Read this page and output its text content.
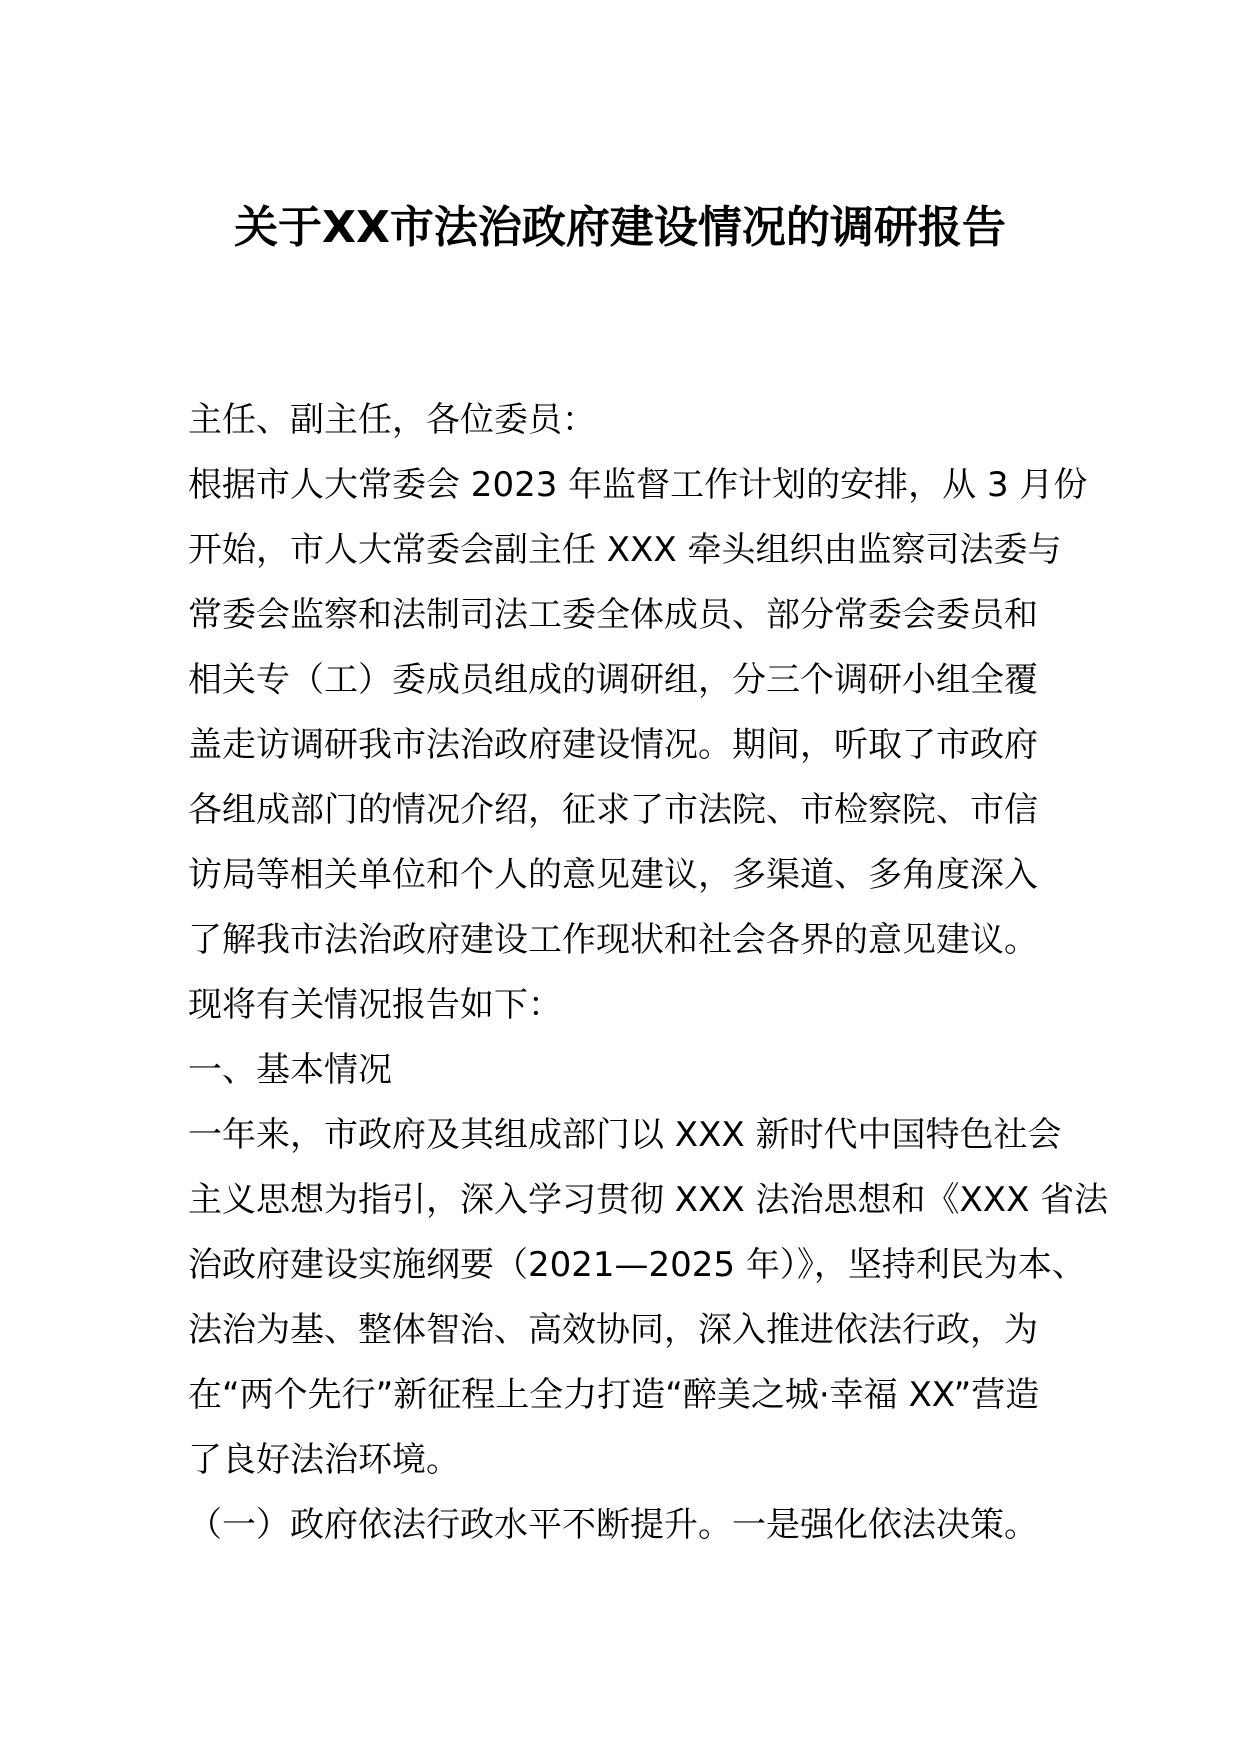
关于XX市法治政府建设情况的调研报告

主任、副主任，各位委员：

根据市人大常委会 2023 年监督工作计划的安排，从 3 月份

开始，市人大常委会副主任 XXX 牵头组织由监察司法委与

常委会监察和法制司法工委全体成员、部分常委会委员和

相关专（工）委成员组成的调研组，分三个调研小组全覆

盖走访调研我市法治政府建设情况。期间，听取了市政府

各组成部门的情况介绍，征求了市法院、市检察院、市信

访局等相关单位和个人的意见建议，多渠道、多角度深入

了解我市法治政府建设工作现状和社会各界的意见建议。

现将有关情况报告如下：

一、基本情况

一年来，市政府及其组成部门以 XXX 新时代中国特色社会

主义思想为指引，深入学习贯彻 XXX 法治思想和《XXX 省法

治政府建设实施纲要（2021—2025 年）》，坚持利民为本、

法治为基、整体智治、高效协同，深入推进依法行政，为

在“两个先行”新征程上全力打造“醉美之城·幸福 XX”营造

了良好法治环境。

（一）政府依法行政水平不断提升。一是强化依法决策。
